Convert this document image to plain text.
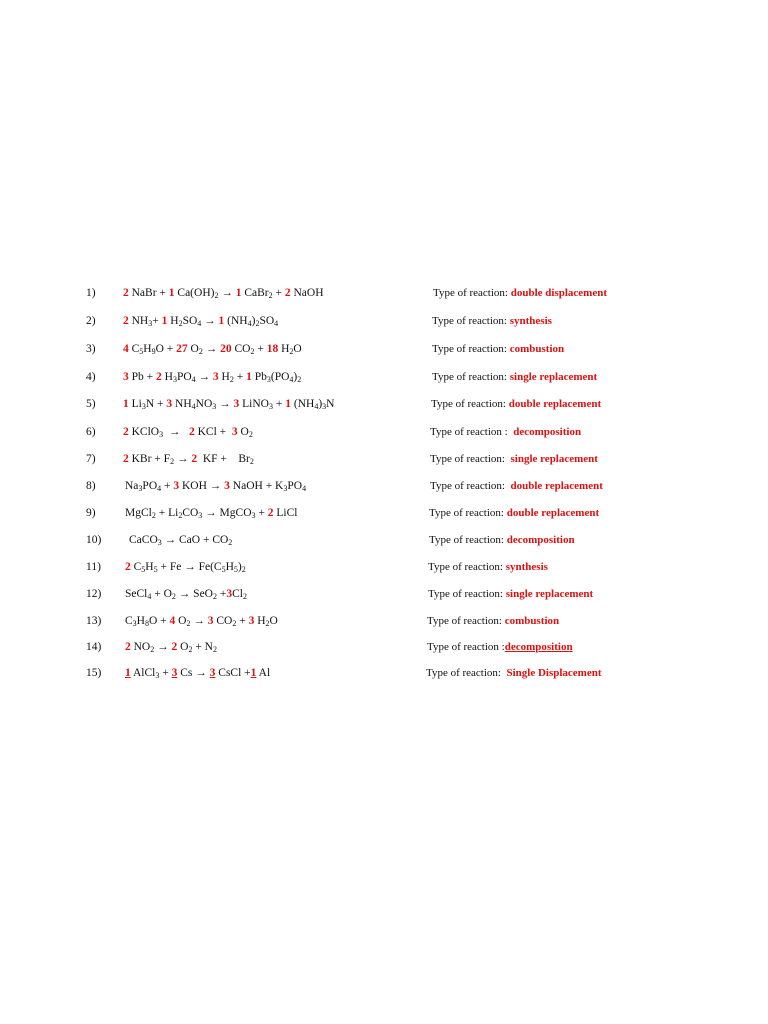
1) 2 NaBr + 1 $Ca(OH)_2 \to 1$ CaBr$_2$ + 2 NaOH	Type of reaction: double displacement
2) 2 $NH_3+ 1$ $H_2SO_4 \to 1$ $(NH_4)_2SO_4$	Type of reaction: synthesis
3) 4 $C_5H_9O + 27$ $O_2 \to 20$ $CO_2 + 18$ $H_2O$	Type of reaction: combustion
4) 3 Pb + 2 $H_3PO_4 \to 3$ $H_2 + 1$ $Pb_3(PO_4)_2$	Type of reaction: single replacement
5) 1 $Li_3N + 3$ $NH_4NO_3 \to 3$ LiNO$_3$ + 1 $(NH_4)_3N$	Type of reaction: double replacement
6) 2 KClO$_3$ → 2 KCl + 3 $O_2$	Type of reaction : decomposition
7) 2 KBr + $F_2 \to 2$ KF + $Br_2$	Type of reaction: single replacement
8)	$Na_3PO_4 + 3$ KOH → 3 NaOH + $K_3PO_4$	Type of reaction: double replacement
9)	MgCl$_2$ + $Li_2CO_3$ → MgCO$_3$ + 2 LiCl	Type of reaction: double replacement
10) CaCO$_3$ → CaO + $CO_2$	Type of reaction: decomposition
11) 2 $C_5H_5 + Fe \to Fe(C_5H_5)_2$	Type of reaction: synthesis
12) SeCl$_4$ + $O_2 \to SeO_2 +3Cl_2$	Type of reaction: single replacement
13) $C_3H_8O + 4$ $O_2 \to 3$ $CO_2 + 3$ $H_2O$	Type of reaction: combustion
14) 2 $NO_2 \to 2$ $O_2 + N_2$	Type of reaction :decomposition
15) 1 AlCl$_3$ + 3 Cs → 3 CsCl +1 Al	Type of reaction: Single Displacement
